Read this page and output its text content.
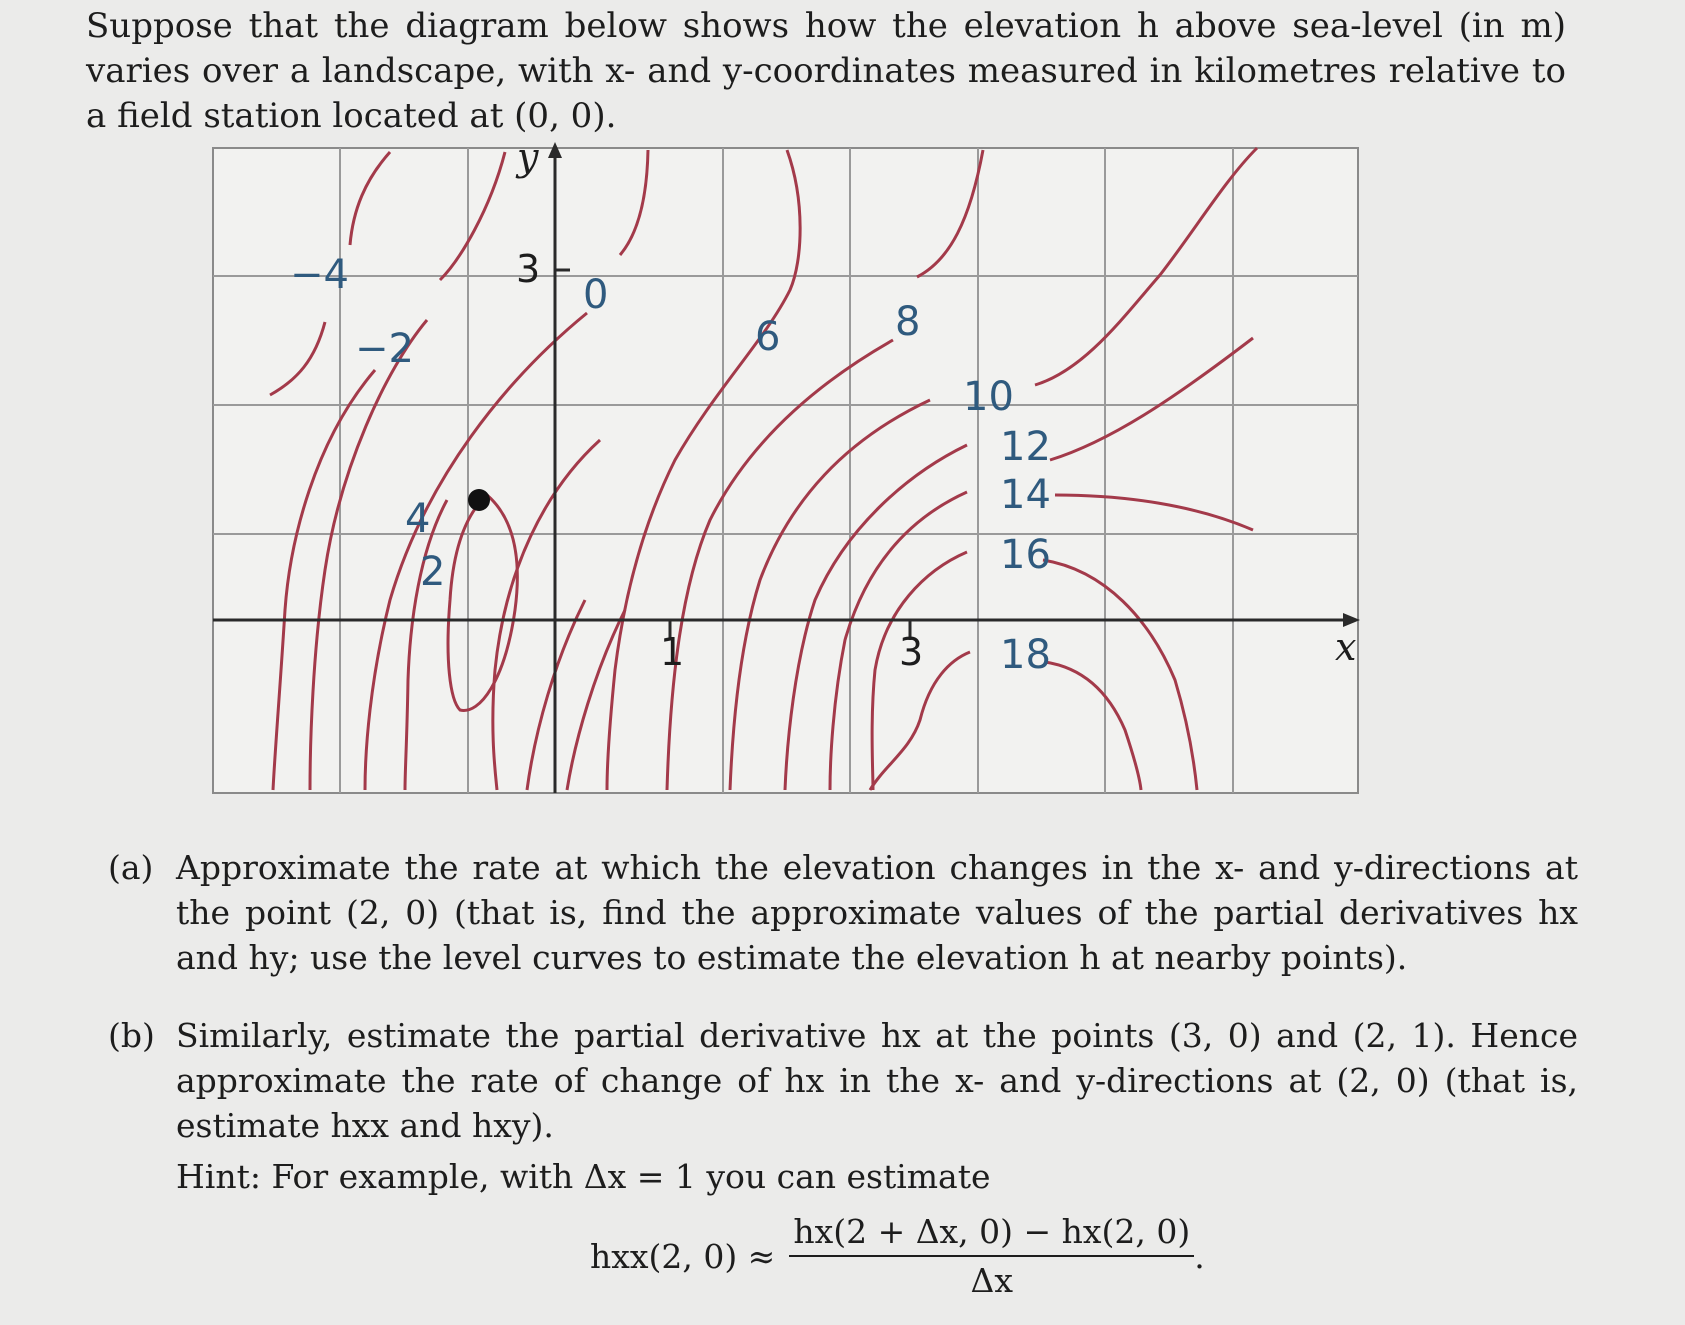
Suppose that the diagram below shows how the elevation h above sea-level (in m) varies over a landscape, with x- and y-coordinates measured in kilometres relative to a field station located at (0, 0).
y
x
1	3
3
−4
−2
0
6	8
10
12
14
16
18
4
2
(a) Approximate the rate at which the elevation changes in the x- and y-directions at the point (2, 0) (that is, find the approximate values of the partial derivatives hx and hy; use the level curves to estimate the elevation h at nearby points).
(b) Similarly, estimate the partial derivative hx at the points (3, 0) and (2, 1). Hence approximate the rate of change of hx in the x- and y-directions at (2, 0) (that is, estimate hxx and hxy).
Hint: For example, with Δx = 1 you can estimate
hxx(2, $0) \approx \frac{hx(2 + \Delta x, 0) - hx(2, 0)}{\Delta x}$ .
